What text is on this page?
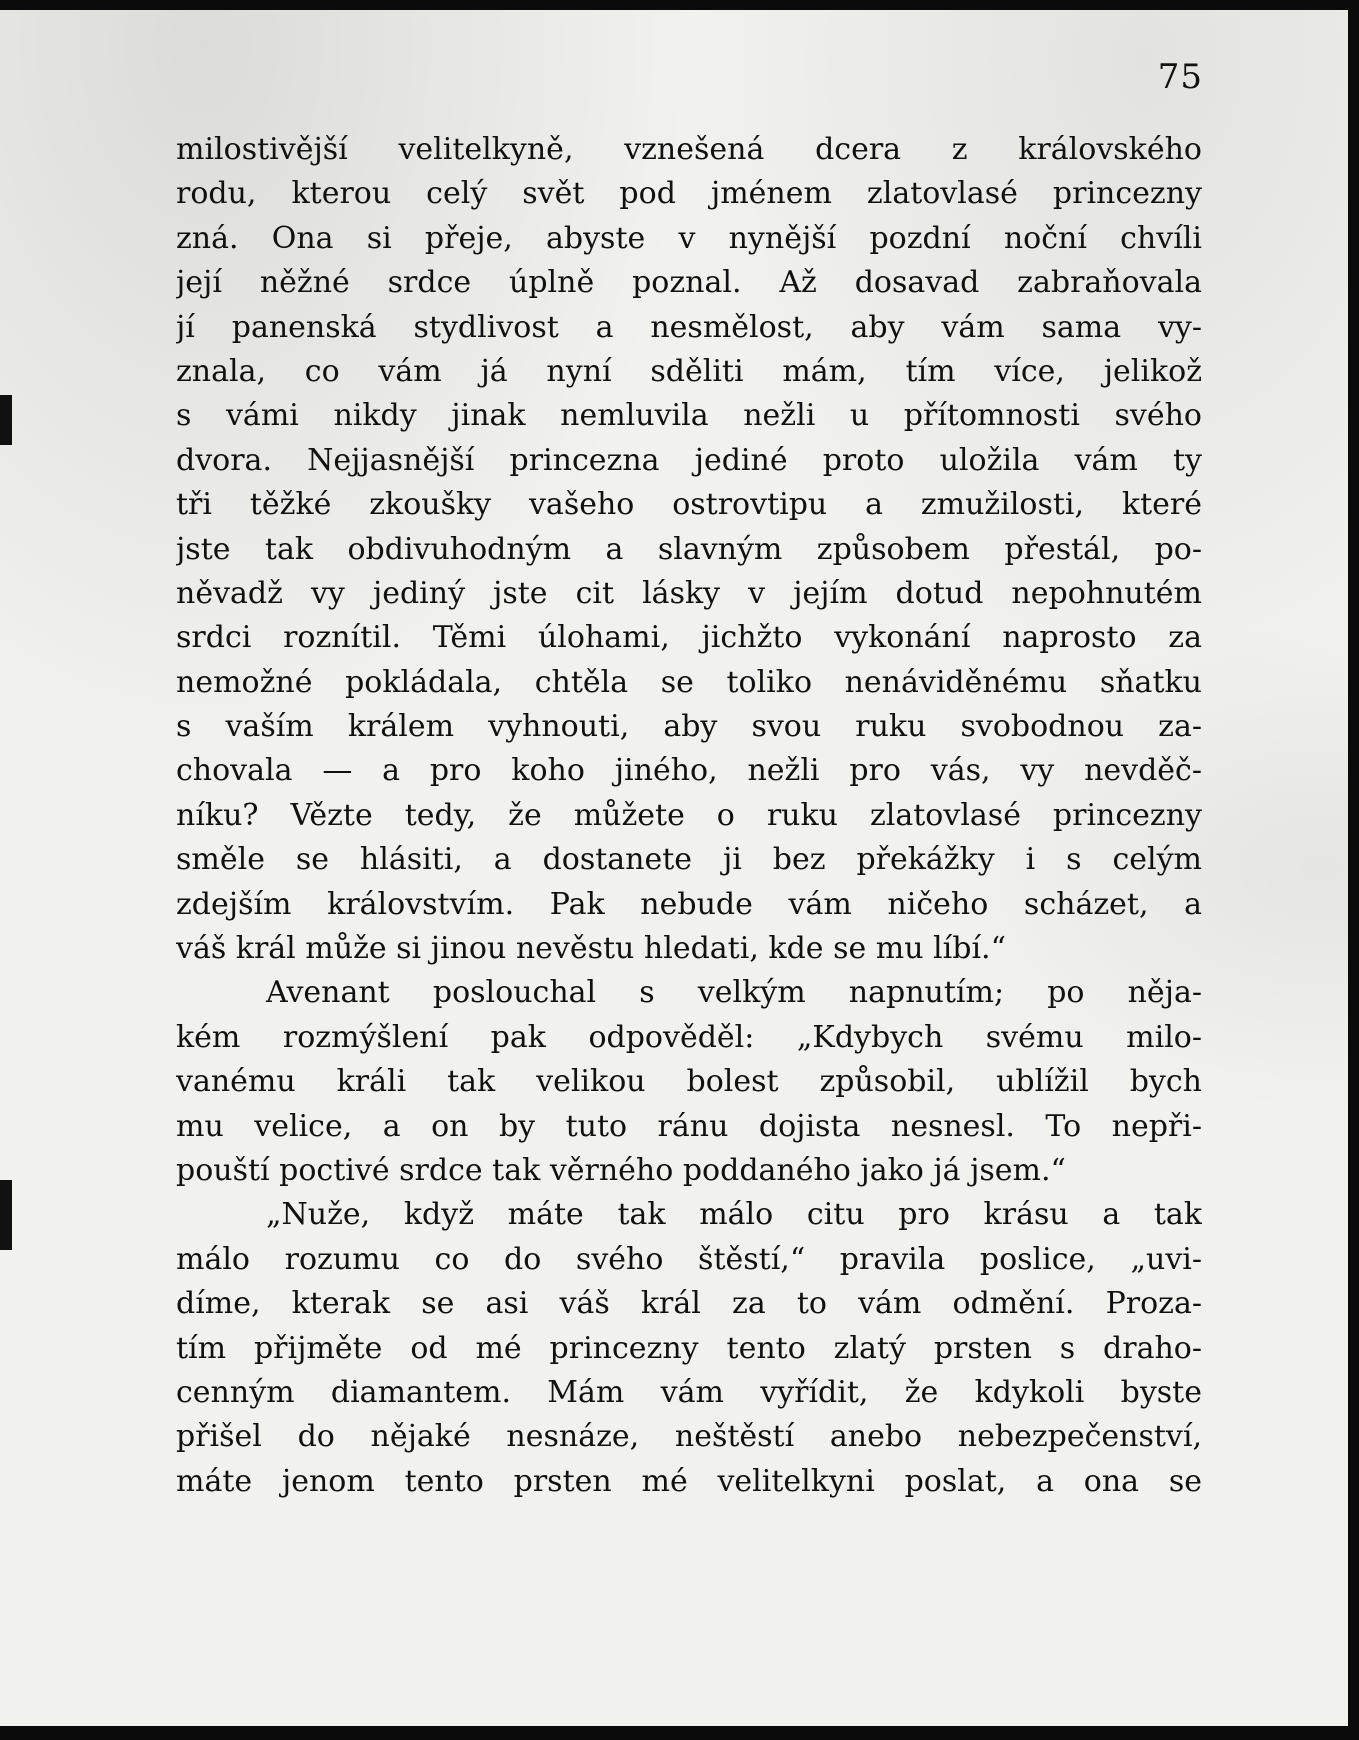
75
milostivější velitelkyně, vznešená dcera z královského
rodu, kterou celý svět pod jménem zlatovlasé princezny
zná. Ona si přeje, abyste v nynější pozdní noční chvíli
její něžné srdce úplně poznal. Až dosavad zabraňovala
jí panenská stydlivost a nesmělost, aby vám sama vy-
znala, co vám já nyní sděliti mám, tím více, jelikož
s vámi nikdy jinak nemluvila nežli u přítomnosti svého
dvora. Nejjasnější princezna jediné proto uložila vám ty
tři těžké zkoušky vašeho ostrovtipu a zmužilosti, které
jste tak obdivuhodným a slavným způsobem přestál, po-
něvadž vy jediný jste cit lásky v jejím dotud nepohnutém
srdci roznítil. Těmi úlohami, jichžto vykonání naprosto za
nemožné pokládala, chtěla se toliko nenáviděnému sňatku
s vaším králem vyhnouti, aby svou ruku svobodnou za-
chovala — a pro koho jiného, nežli pro vás, vy nevděč-
níku? Vězte tedy, že můžete o ruku zlatovlasé princezny
směle se hlásiti, a dostanete ji bez překážky i s celým
zdejším královstvím. Pak nebude vám ničeho scházet, a
váš král může si jinou nevěstu hledati, kde se mu líbí.“
Avenant poslouchal s velkým napnutím; po něja-
kém rozmýšlení pak odpověděl: „Kdybych svému milo-
vanému králi tak velikou bolest způsobil, ublížil bych
mu velice, a on by tuto ránu dojista nesnesl. To nepři-
pouští poctivé srdce tak věrného poddaného jako já jsem.“
„Nuže, když máte tak málo citu pro krásu a tak
málo rozumu co do svého štěstí,“ pravila poslice, „uvi-
díme, kterak se asi váš král za to vám odmění. Proza-
tím přijměte od mé princezny tento zlatý prsten s draho-
cenným diamantem. Mám vám vyřídit, že kdykoli byste
přišel do nějaké nesnáze, neštěstí anebo nebezpečenství,
máte jenom tento prsten mé velitelkyni poslat, a ona se
